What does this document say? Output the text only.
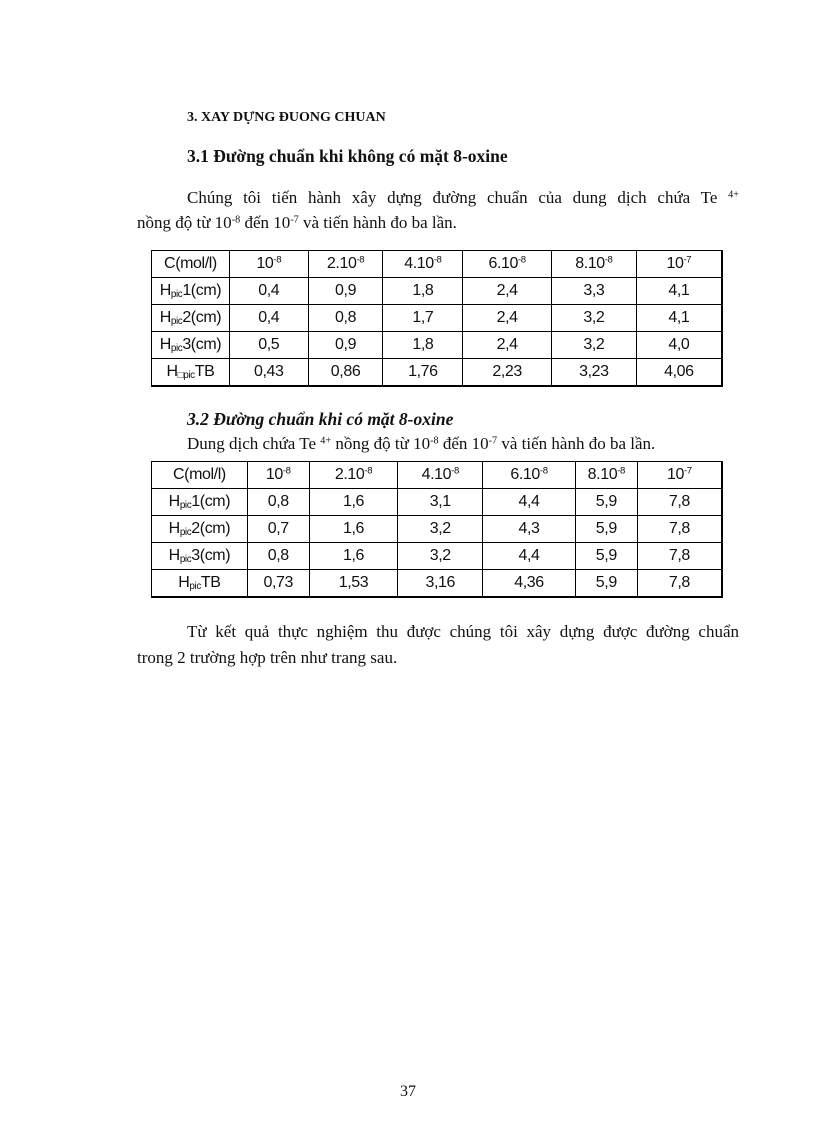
3. XAY DỰNG ĐUONG CHUAN
3.1 Đường chuẩn khi không có mặt 8-oxine
Chúng tôi tiến hành xây dựng đường chuẩn của dung dịch chứa Te $^{4+}$
nồng độ từ $10^{-8}$ đến $10^{-7}$ và tiến hành đo ba lần.
C(mol/l)	$10^{-8}$	$2.10^{-8}$	$4.10^{-8}$	$6.10^{-8}$	$8.10^{-8}$	$10^{-7}$
$H_{pic}1(cm)$	0,4	0,9	1,8	2,4	3,3	4,1
$H_{pic}2(cm)$	0,4	0,8	1,7	2,4	3,2	4,1
$H_{pic}3(cm)$	0,5	0,9	1,8	2,4	3,2	4,0
$H_{□pic}TB$	0,43	0,86	1,76	2,23	3,23	4,06
3.2 Đường chuẩn khi có mặt 8-oxine
Dung dịch chứa Te $^{4+}$ nồng độ từ $10^{-8}$ đến $10^{-7}$ và tiến hành đo ba lần.
C(mol/l)	$10^{-8}$	$2.10^{-8}$	$4.10^{-8}$	$6.10^{-8}$	$8.10^{-8}$	$10^{-7}$
$H_{pic}1(cm)$	0,8	1,6	3,1	4,4	5,9	7,8
$H_{pic}2(cm)$	0,7	1,6	3,2	4,3	5,9	7,8
$H_{pic}3(cm)$	0,8	1,6	3,2	4,4	5,9	7,8
$H_{pic}TB$	0,73	1,53	3,16	4,36	5,9	7,8
Từ kết quả thực nghiệm thu được chúng tôi xây dựng được đường chuẩn
trong 2 trường hợp trên như trang sau.
37
